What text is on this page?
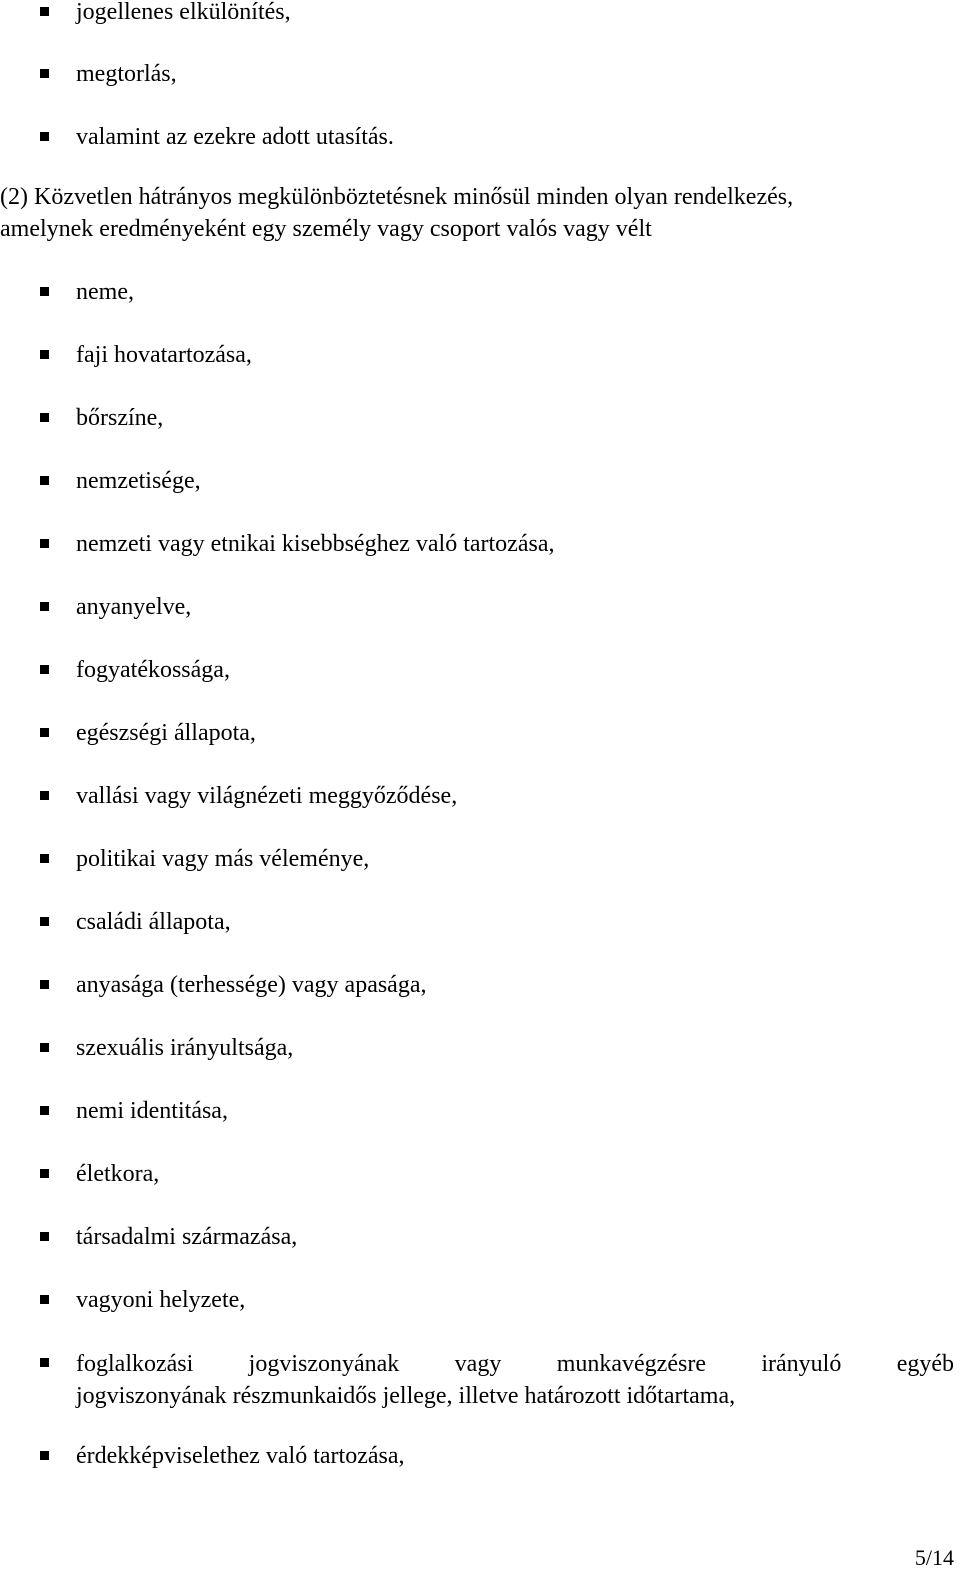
jogellenes elkülönítés,
megtorlás,
valamint az ezekre adott utasítás.
(2) Közvetlen hátrányos megkülönböztetésnek minősül minden olyan rendelkezés,
amelynek eredményeként egy személy vagy csoport valós vagy vélt
neme,
faji hovatartozása,
bőrszíne,
nemzetisége,
nemzeti vagy etnikai kisebbséghez való tartozása,
anyanyelve,
fogyatékossága,
egészségi állapota,
vallási vagy világnézeti meggyőződése,
politikai vagy más véleménye,
családi állapota,
anyasága (terhessége) vagy apasága,
szexuális irányultsága,
nemi identitása,
életkora,
társadalmi származása,
vagyoni helyzete,
foglalkozási jogviszonyának vagy munkavégzésre irányuló egyéb
jogviszonyának részmunkaidős jellege, illetve határozott időtartama,
érdekképviselethez való tartozása,
5/14
